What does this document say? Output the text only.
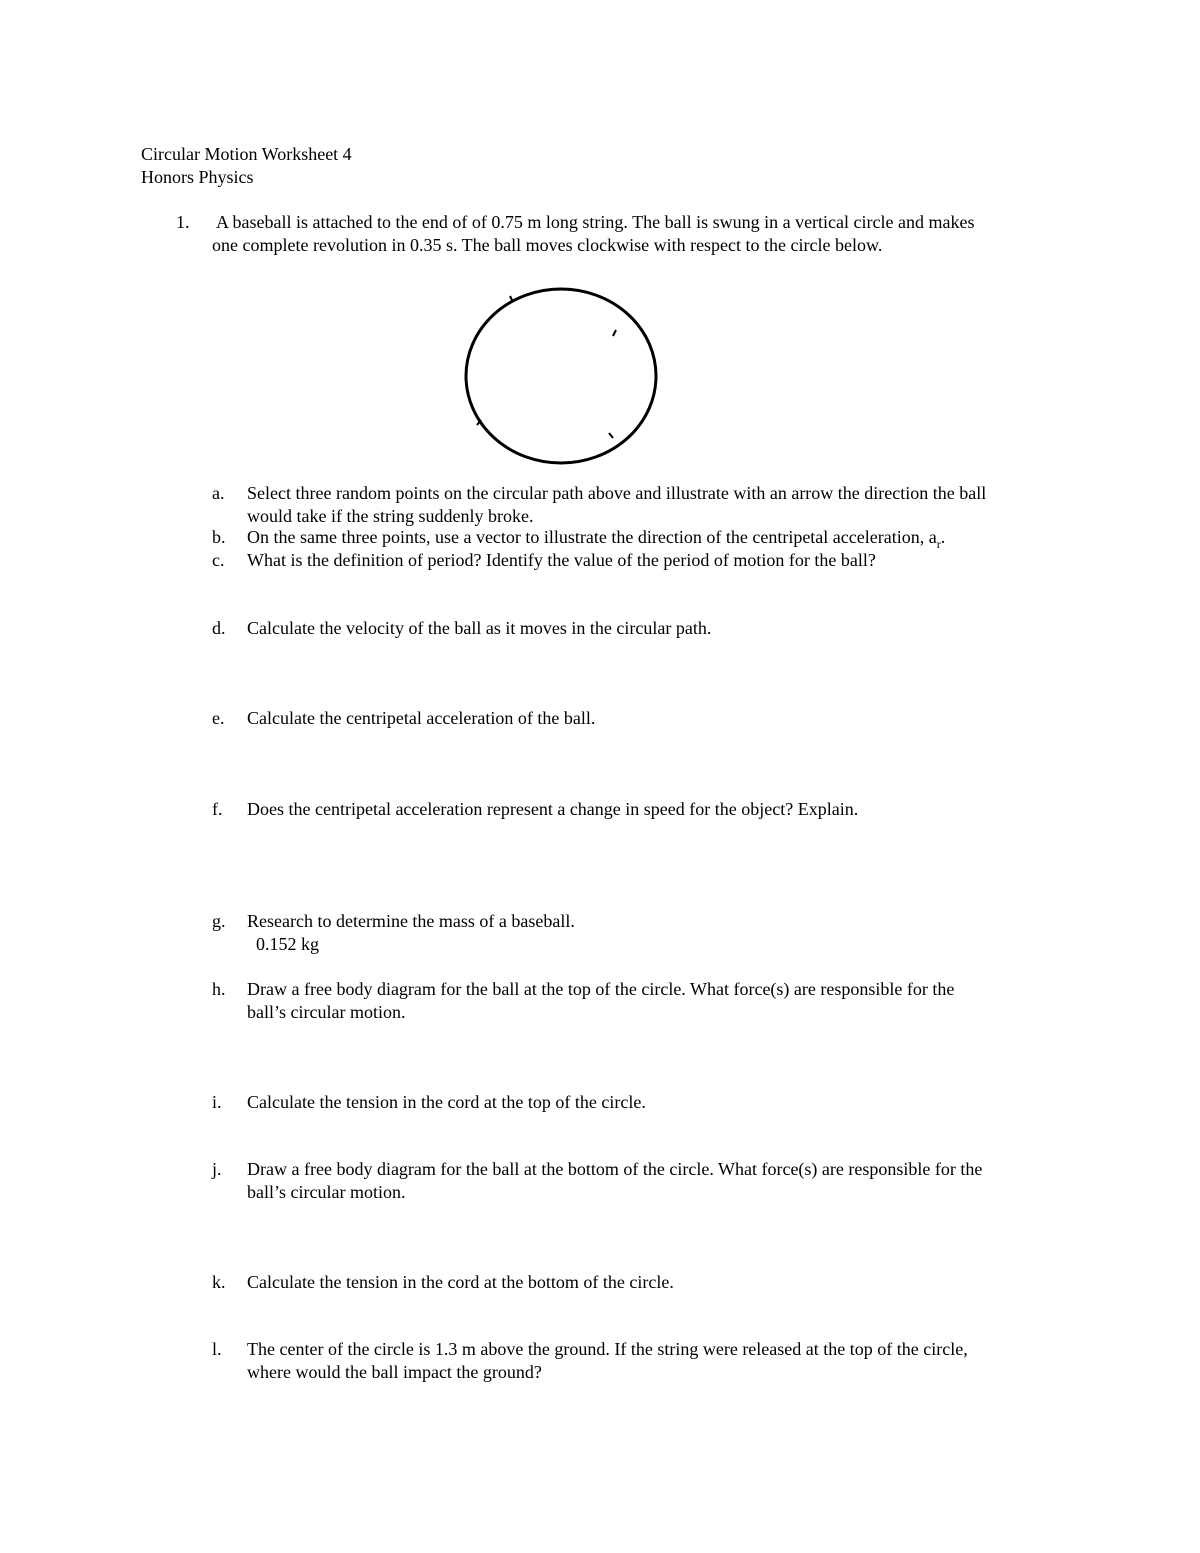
Circular Motion Worksheet 4
Honors Physics
1. A baseball is attached to the end of of 0.75 m long string. The ball is swung in a vertical circle and makes
one complete revolution in 0.35 s. The ball moves clockwise with respect to the circle below.
a. Select three random points on the circular path above and illustrate with an arrow the direction the ball
would take if the string suddenly broke.
b. On the same three points, use a vector to illustrate the direction of the centripetal acceleration, $a_r$.
c. What is the definition of period? Identify the value of the period of motion for the ball?
d. Calculate the velocity of the ball as it moves in the circular path.
e. Calculate the centripetal acceleration of the ball.
f. Does the centripetal acceleration represent a change in speed for the object? Explain.
g. Research to determine the mass of a baseball.
0.152 kg
h. Draw a free body diagram for the ball at the top of the circle. What force(s) are responsible for the
ball’s circular motion.
i. Calculate the tension in the cord at the top of the circle.
j. Draw a free body diagram for the ball at the bottom of the circle. What force(s) are responsible for the
ball’s circular motion.
k. Calculate the tension in the cord at the bottom of the circle.
l. The center of the circle is 1.3 m above the ground. If the string were released at the top of the circle,
where would the ball impact the ground?
